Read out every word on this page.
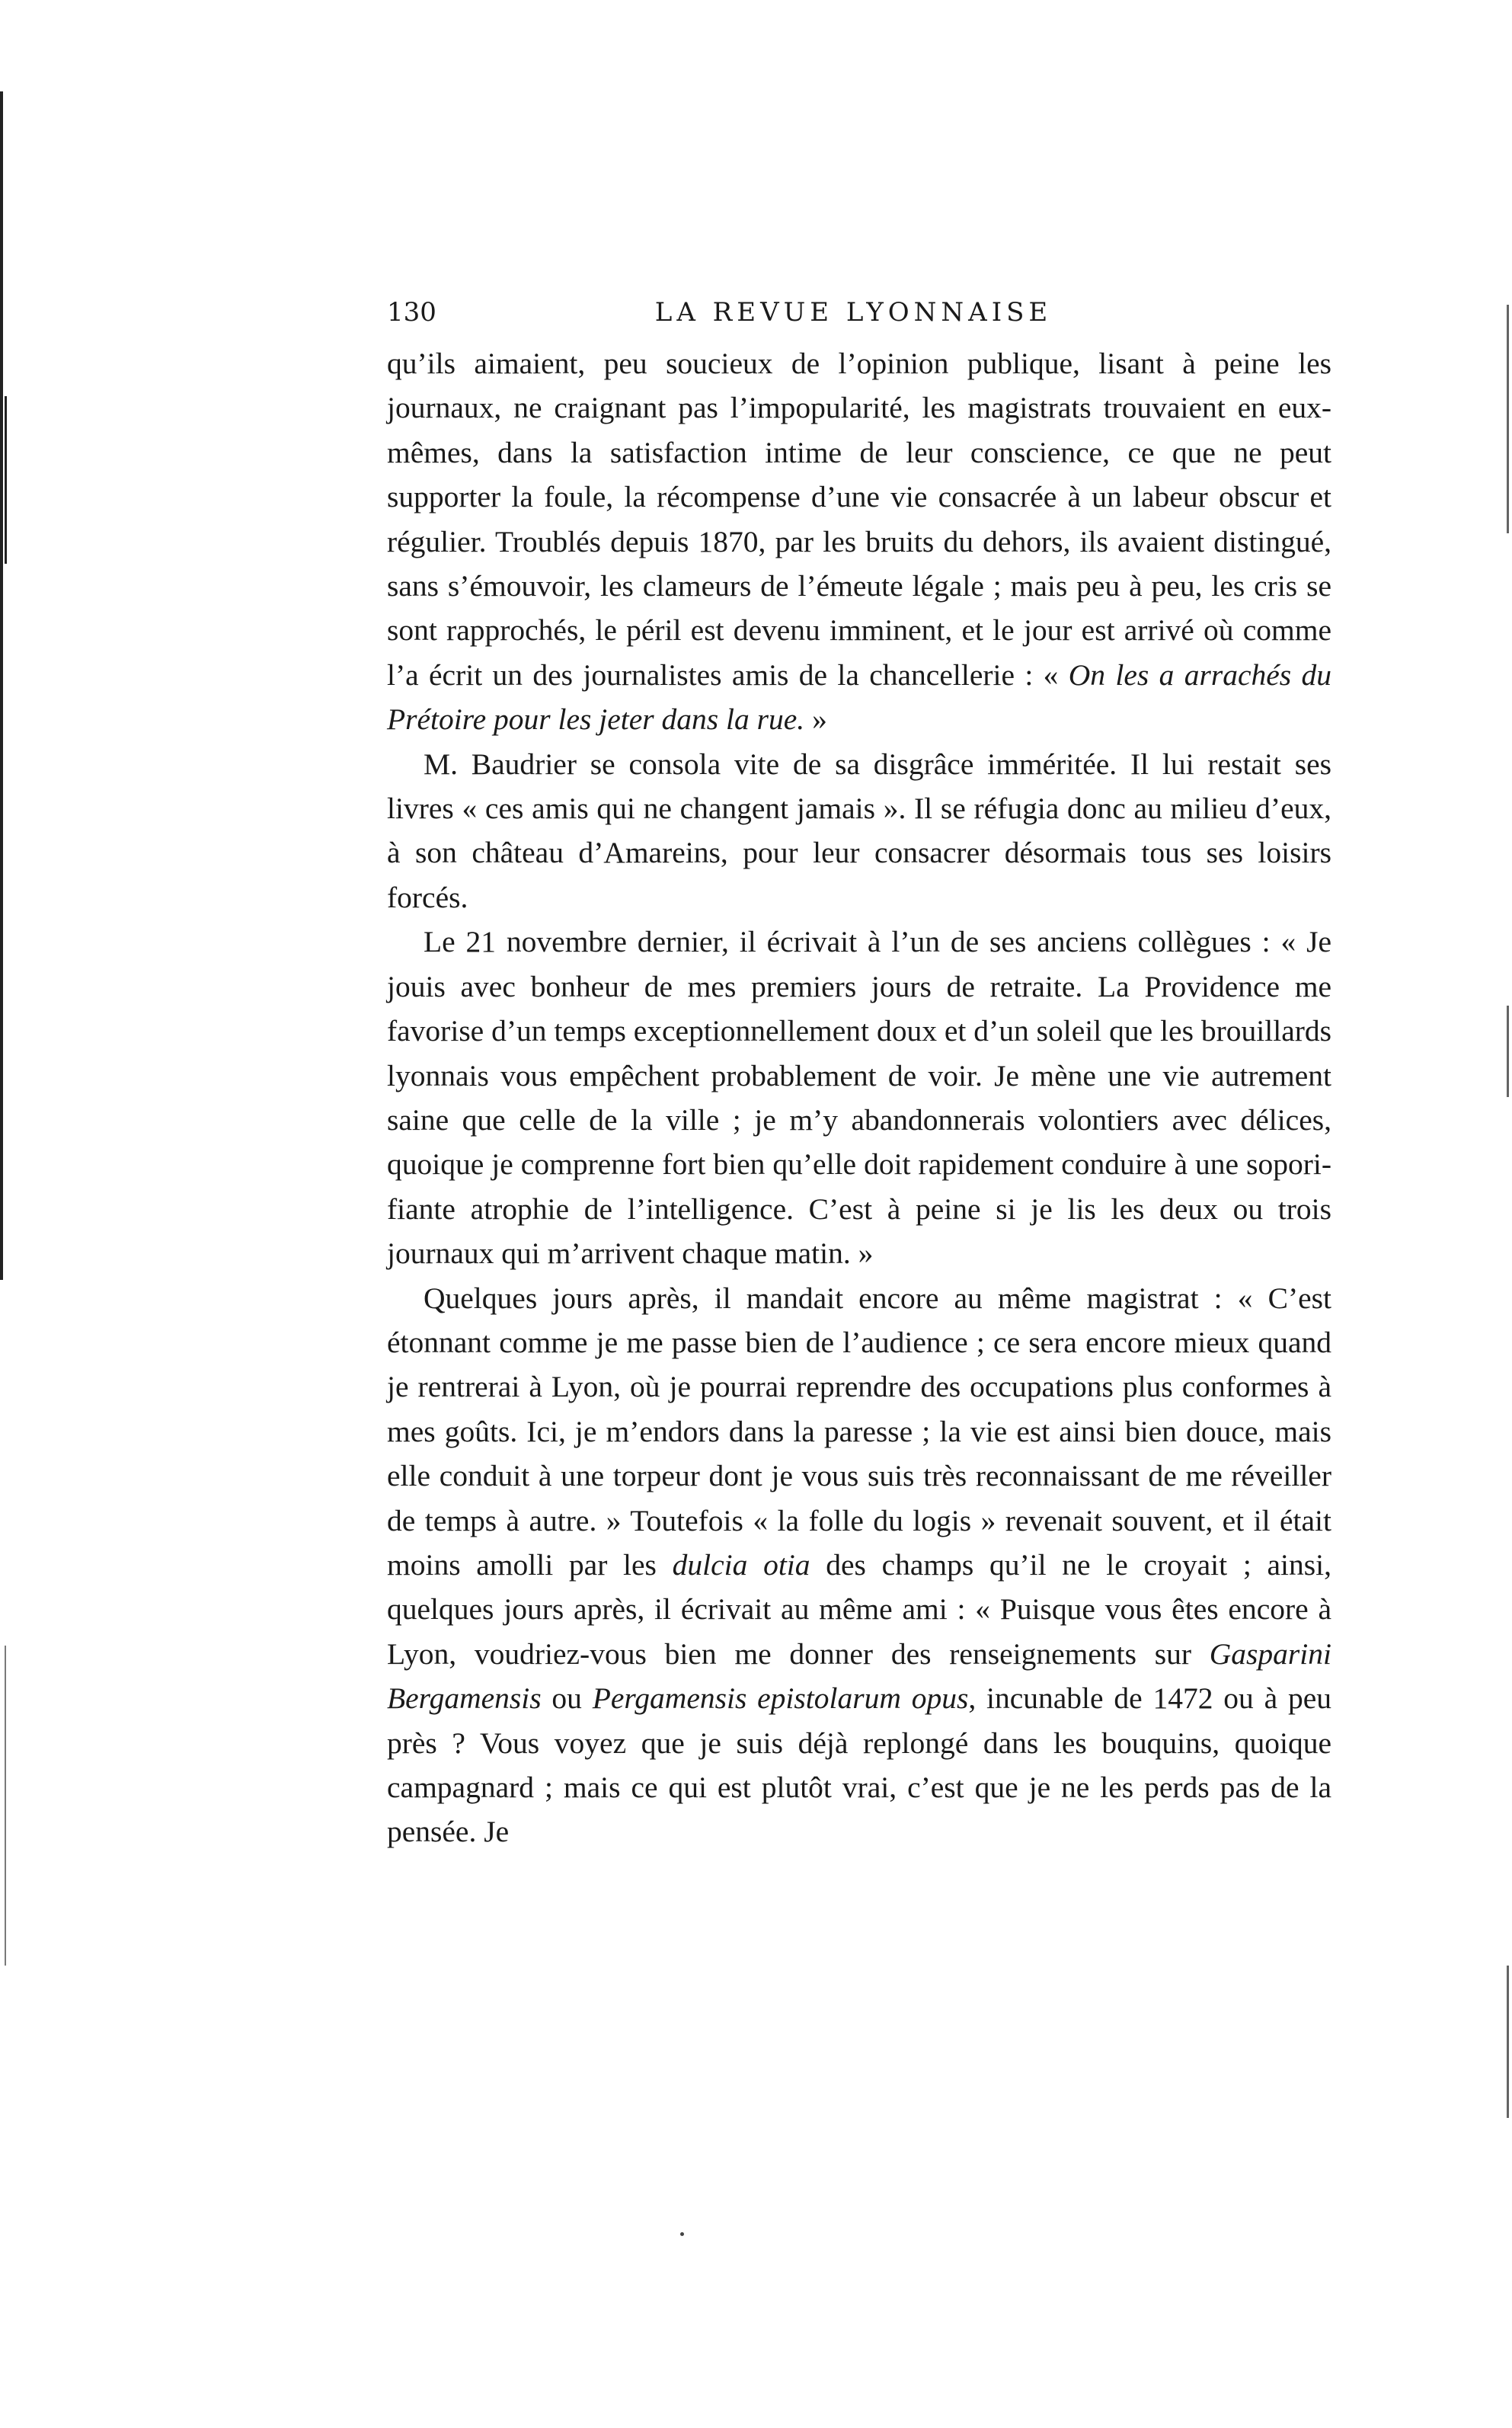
130	LA REVUE LYONNAISE

qu’ils aimaient, peu soucieux de l’opinion publique, lisant à peine les journaux, ne craignant pas l’impopularité, les magistrats trouvaient en eux-mêmes, dans la satisfaction intime de leur conscience, ce que ne peut supporter la foule, la récompense d’une vie consacrée à un labeur obscur et régulier. Troublés depuis 1870, par les bruits du dehors, ils avaient distingué, sans s’émouvoir, les clameurs de l’émeute légale ; mais peu à peu, les cris se sont rapprochés, le péril est devenu imminent, et le jour est arrivé où comme l’a écrit un des journalistes amis de la chancellerie : « On les a arrachés du Prétoire pour les jeter dans la rue. »

M. Baudrier se consola vite de sa disgrâce imméritée. Il lui restait ses livres « ces amis qui ne changent jamais ». Il se réfugia donc au milieu d’eux, à son château d’Amareins, pour leur consacrer désormais tous ses loisirs forcés.

Le 21 novembre dernier, il écrivait à l’un de ses anciens collègues : « Je jouis avec bonheur de mes premiers jours de retraite. La Providence me favorise d’un temps exceptionnellement doux et d’un soleil que les brouillards lyonnais vous empêchent probablement de voir. Je mène une vie autrement saine que celle de la ville ; je m’y abandonnerais volontiers avec délices, quoique je comprenne fort bien qu’elle doit rapidement conduire à une soporifiante atrophie de l’intelligence. C’est à peine si je lis les deux ou trois journaux qui m’arrivent chaque matin. »

Quelques jours après, il mandait encore au même magistrat : « C’est étonnant comme je me passe bien de l’audience ; ce sera encore mieux quand je rentrerai à Lyon, où je pourrai reprendre des occupations plus conformes à mes goûts. Ici, je m’endors dans la paresse ; la vie est ainsi bien douce, mais elle conduit à une torpeur dont je vous suis très reconnaissant de me réveiller de temps à autre. » Toutefois « la folle du logis » revenait souvent, et il était moins amolli par les dulcia otia des champs qu’il ne le croyait ; ainsi, quelques jours après, il écrivait au même ami : « Puisque vous êtes encore à Lyon, voudriez-vous bien me donner des renseignements sur Gasparini Bergamensis ou Pergamensis epistolarum opus, incunable de 1472 ou à peu près ? Vous voyez que je suis déjà replongé dans les bouquins, quoique campagnard ; mais ce qui est plutôt vrai, c’est que je ne les perds pas de la pensée. Je
